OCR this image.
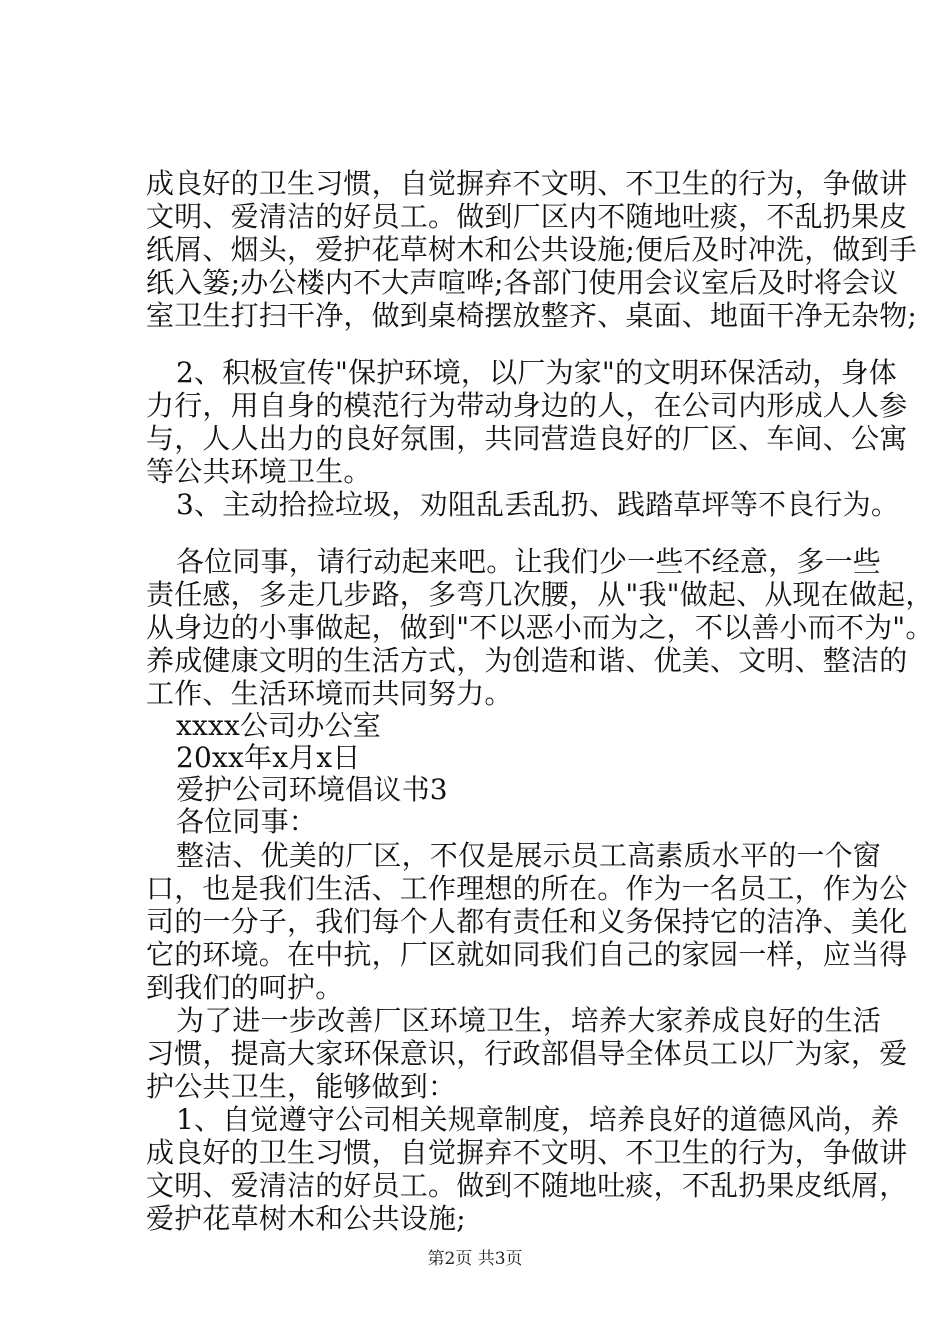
成良好的卫生习惯，自觉摒弃不文明、不卫生的行为，争做讲
文明、爱清洁的好员工。做到厂区内不随地吐痰，不乱扔果皮
纸屑、烟头，爱护花草树木和公共设施;便后及时冲洗，做到手
纸入篓;办公楼内不大声喧哗;各部门使用会议室后及时将会议
室卫生打扫干净，做到桌椅摆放整齐、桌面、地面干净无杂物;
2、积极宣传"保护环境，以厂为家"的文明环保活动，身体
力行，用自身的模范行为带动身边的人，在公司内形成人人参
与，人人出力的良好氛围，共同营造良好的厂区、车间、公寓
等公共环境卫生。
3、主动拾捡垃圾，劝阻乱丢乱扔、践踏草坪等不良行为。
各位同事，请行动起来吧。让我们少一些不经意，多一些
责任感，多走几步路，多弯几次腰，从"我"做起、从现在做起，
从身边的小事做起，做到"不以恶小而为之，不以善小而不为"。
养成健康文明的生活方式，为创造和谐、优美、文明、整洁的
工作、生活环境而共同努力。
xxxx公司办公室
20xx年x月x日
爱护公司环境倡议书3
各位同事：
整洁、优美的厂区，不仅是展示员工高素质水平的一个窗
口，也是我们生活、工作理想的所在。作为一名员工，作为公
司的一分子，我们每个人都有责任和义务保持它的洁净、美化
它的环境。在中抗，厂区就如同我们自己的家园一样，应当得
到我们的呵护。
为了进一步改善厂区环境卫生，培养大家养成良好的生活
习惯，提高大家环保意识，行政部倡导全体员工以厂为家，爱
护公共卫生，能够做到：
1、自觉遵守公司相关规章制度，培养良好的道德风尚，养
成良好的卫生习惯，自觉摒弃不文明、不卫生的行为，争做讲
文明、爱清洁的好员工。做到不随地吐痰，不乱扔果皮纸屑，
爱护花草树木和公共设施;
第2页 共3页
